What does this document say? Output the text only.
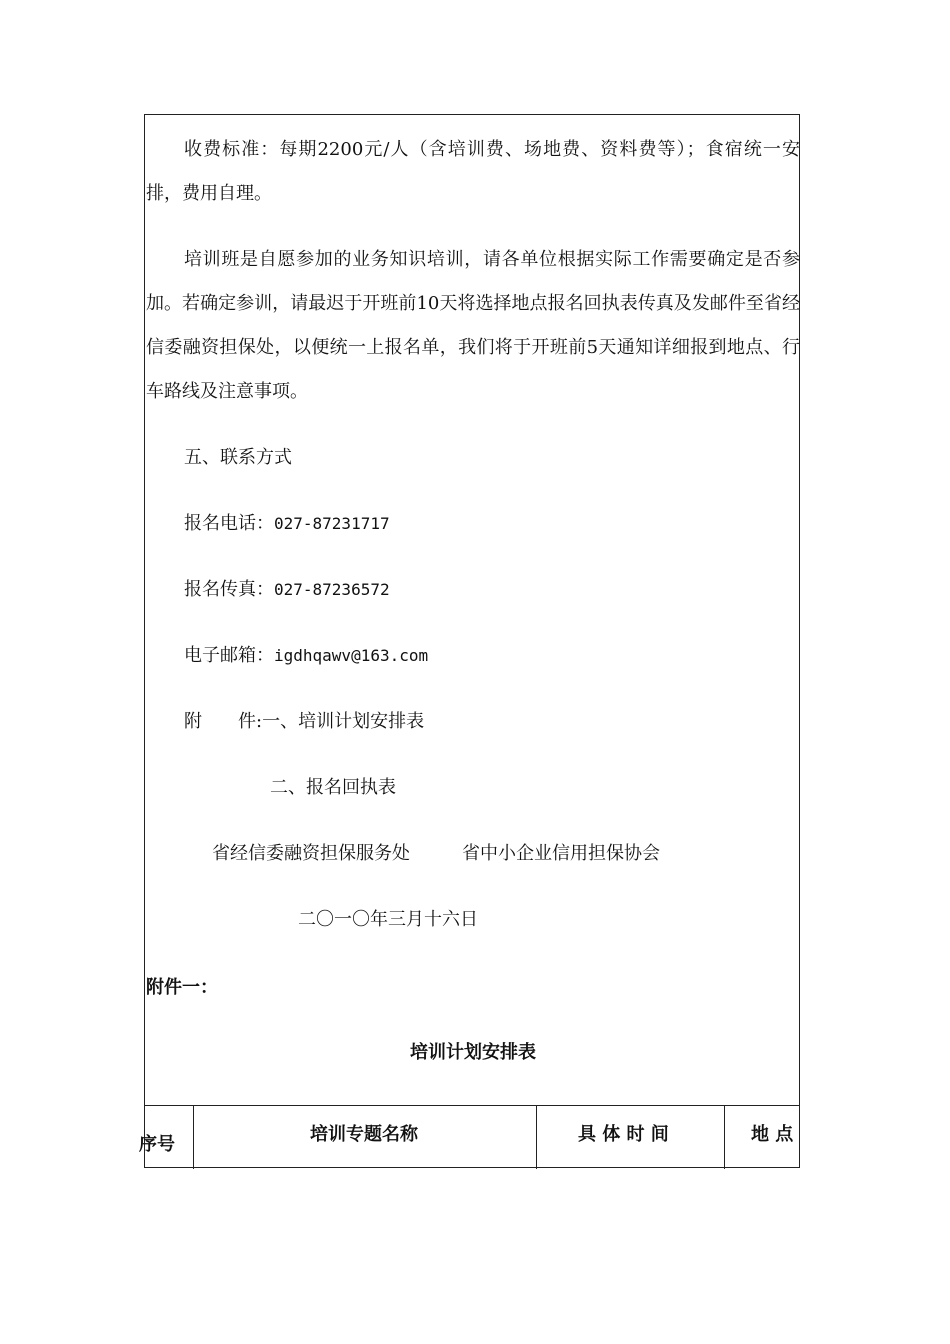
收费标准：每期2200元/人（含培训费、场地费、资料费等）；食宿统一安排，费用自理。
培训班是自愿参加的业务知识培训，请各单位根据实际工作需要确定是否参加。若确定参训，请最迟于开班前10天将选择地点报名回执表传真及发邮件至省经信委融资担保处，以便统一上报名单，我们将于开班前5天通知详细报到地点、行车路线及注意事项。
五、联系方式
报名电话：027-87231717
报名传真：027-87236572
电子邮箱：igdhqawv@163.com
附　　件:一、培训计划安排表
二、报名回执表
省经信委融资担保服务处	省中小企业信用担保协会
二〇一〇年三月十六日
附件一：
培训计划安排表
序号	培训专题名称	具 体 时 间	地 点
